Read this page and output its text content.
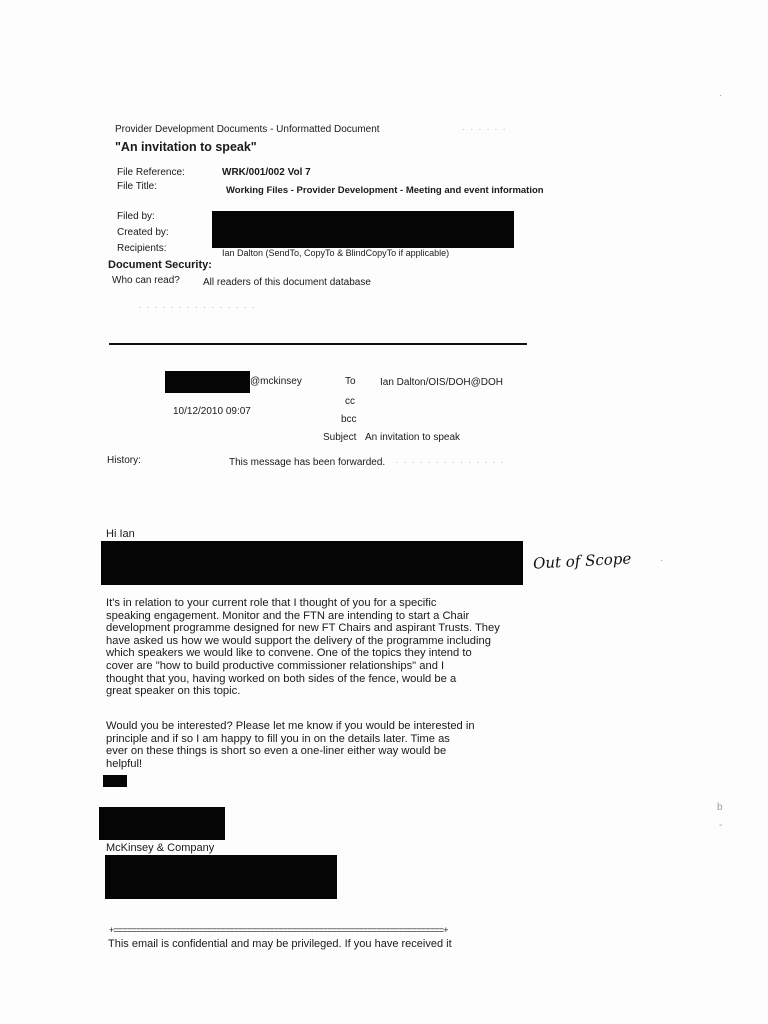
Provider Development Documents - Unformatted Document
"An invitation to speak"
· · · · · ·
File Reference:	WRK/001/002 Vol 7
File Title:	Working Files - Provider Development - Meeting and event information
Filed by:
Created by:
Recipients:	Ian Dalton (SendTo, CopyTo & BlindCopyTo if applicable)
Document Security:
Who can read? All readers of this document database
· · · · · · · · · · · · · · ·
@mckinsey
10/12/2010 09:07
To Ian Dalton/OIS/DOH@DOH
cc
bcc
Subject An invitation to speak
History:	This message has been forwarded. · · · · · · · · · · · · · ·
Hi Ian
Out of Scope

It's in relation to your current role that I thought of you for a specific

speaking engagement. Monitor and the FTN are intending to start a Chair

development programme designed for new FT Chairs and aspirant Trusts. They

have asked us how we would support the delivery of the programme including

which speakers we would like to convene. One of the topics they intend to

cover are "how to build productive commissioner relationships" and I

thought that you, having worked on both sides of the fence, would be a

great speaker on this topic.

Would you be interested? Please let me know if you would be interested in

principle and if so I am happy to fill you in on the details later. Time as

ever on these things is short so even a one-liner either way would be

helpful!

McKinsey & Company
+==========================================================================+
This email is confidential and may be privileged. If you have received it
·
b
-
·
